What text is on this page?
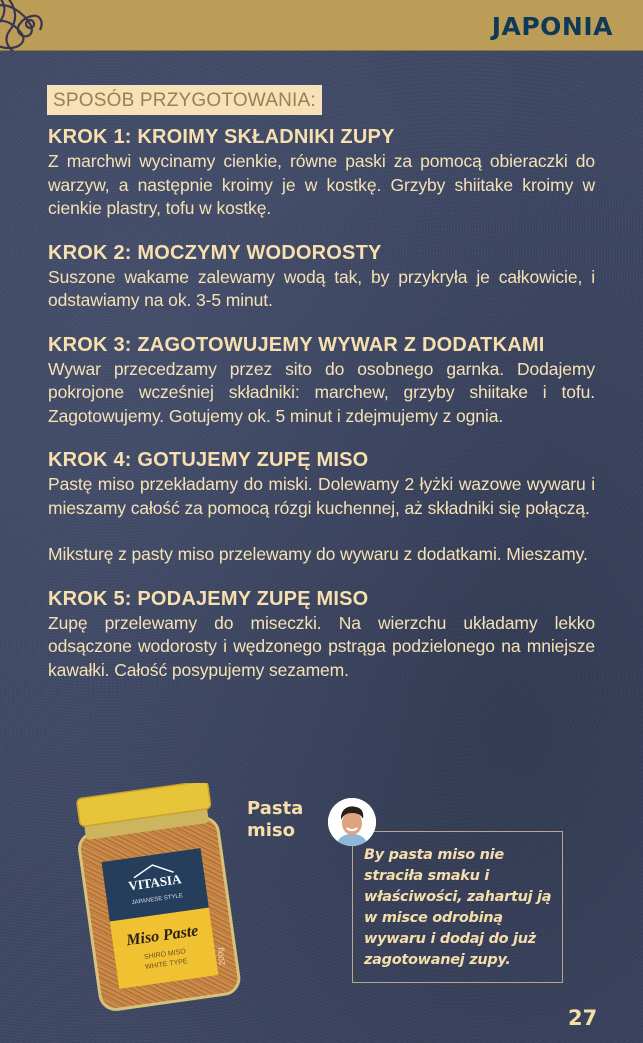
JAPONIA
SPOSÓB PRZYGOTOWANIA:
KROK 1: KROIMY SKŁADNIKI ZUPY

Z marchwi wycinamy cienkie, równe paski za pomocą obieraczki do warzyw, a następnie kroimy je w kostkę. Grzyby shiitake kroimy w cienkie plastry, tofu w kostkę.

KROK 2: MOCZYMY WODOROSTY

Suszone wakame zalewamy wodą tak, by przykryła je całkowicie, i odstawiamy na ok. 3-5 minut.

KROK 3: ZAGOTOWUJEMY WYWAR Z DODATKAMI

Wywar przecedzamy przez sito do osobnego garnka. Dodajemy pokrojone wcześniej składniki: marchew, grzyby shiitake i tofu. Zagotowujemy. Gotujemy ok. 5 minut i zdejmujemy z ognia.

KROK 4: GOTUJEMY ZUPĘ MISO

Pastę miso przekładamy do miski. Dolewamy 2 łyżki wazowe wywaru i mieszamy całość za pomocą rózgi kuchennej, aż składniki się połączą.

Miksturę z pasty miso przelewamy do wywaru z dodatkami. Mieszamy.

KROK 5: PODAJEMY ZUPĘ MISO

Zupę przelewamy do miseczki. Na wierzchu układamy lekko odsączone wodorosty i wędzonego pstrąga podzielonego na mniejsze kawałki. Całość posypujemy sezamem.

VITASIA
JAPANESE STYLE
Miso Paste
SHIRO MISO
WHITE TYPE	200g
Pasta
miso
By pasta miso nie straciła smaku i właściwości, zahartuj ją w misce odrobiną wywaru i dodaj do już zagotowanej zupy.
27
